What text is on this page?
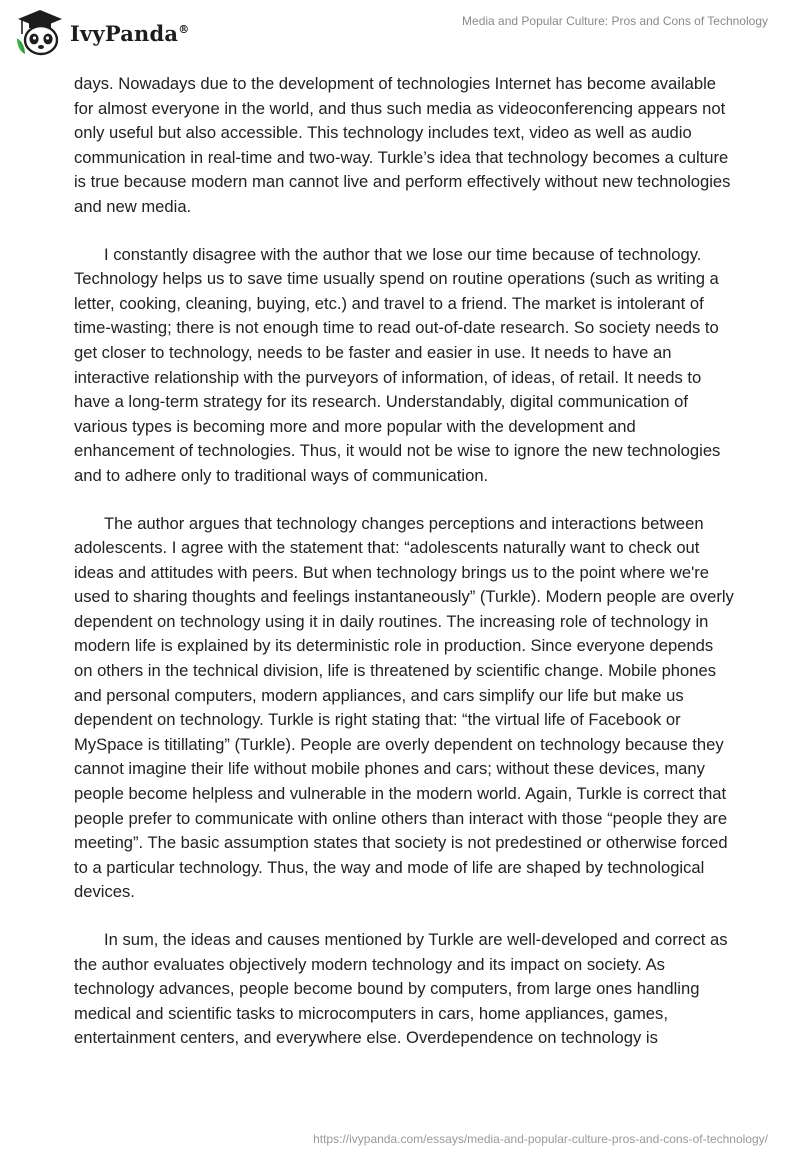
IvyPanda®
Media and Popular Culture: Pros and Cons of Technology

days. Nowadays due to the development of technologies Internet has become available for almost everyone in the world, and thus such media as videoconferencing appears not only useful but also accessible. This technology includes text, video as well as audio communication in real-time and two-way. Turkle’s idea that technology becomes a culture is true because modern man cannot live and perform effectively without new technologies and new media.

I constantly disagree with the author that we lose our time because of technology. Technology helps us to save time usually spend on routine operations (such as writing a letter, cooking, cleaning, buying, etc.) and travel to a friend. The market is intolerant of time-wasting; there is not enough time to read out-of-date research. So society needs to get closer to technology, needs to be faster and easier in use. It needs to have an interactive relationship with the purveyors of information, of ideas, of retail. It needs to have a long-term strategy for its research. Understandably, digital communication of various types is becoming more and more popular with the development and enhancement of technologies. Thus, it would not be wise to ignore the new technologies and to adhere only to traditional ways of communication.

The author argues that technology changes perceptions and interactions between adolescents. I agree with the statement that: “adolescents naturally want to check out ideas and attitudes with peers. But when technology brings us to the point where we're used to sharing thoughts and feelings instantaneously” (Turkle). Modern people are overly dependent on technology using it in daily routines. The increasing role of technology in modern life is explained by its deterministic role in production. Since everyone depends on others in the technical division, life is threatened by scientific change. Mobile phones and personal computers, modern appliances, and cars simplify our life but make us dependent on technology. Turkle is right stating that: “the virtual life of Facebook or MySpace is titillating” (Turkle). People are overly dependent on technology because they cannot imagine their life without mobile phones and cars; without these devices, many people become helpless and vulnerable in the modern world. Again, Turkle is correct that people prefer to communicate with online others than interact with those “people they are meeting”. The basic assumption states that society is not predestined or otherwise forced to a particular technology. Thus, the way and mode of life are shaped by technological devices.

In sum, the ideas and causes mentioned by Turkle are well-developed and correct as the author evaluates objectively modern technology and its impact on society. As technology advances, people become bound by computers, from large ones handling medical and scientific tasks to microcomputers in cars, home appliances, games, entertainment centers, and everywhere else. Overdependence on technology is

https://ivypanda.com/essays/media-and-popular-culture-pros-and-cons-of-technology/
